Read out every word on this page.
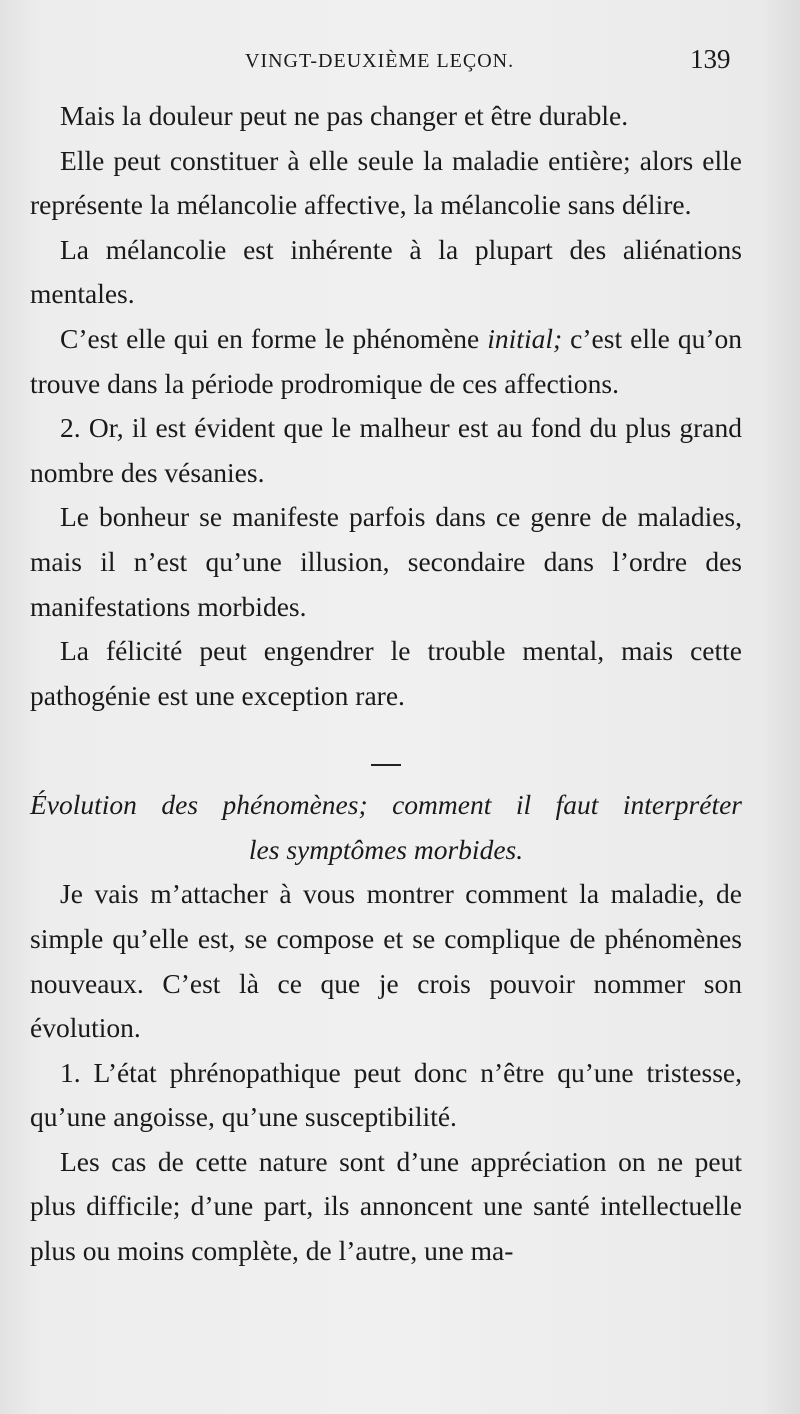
VINGT-DEUXIÈME LEÇON.	139

Mais la douleur peut ne pas changer et être durable.

Elle peut constituer à elle seule la maladie entière; alors elle représente la mélancolie affective, la mélancolie sans délire.

La mélancolie est inhérente à la plupart des aliénations mentales.

C’est elle qui en forme le phénomène initial; c’est elle qu’on trouve dans la période prodromique de ces affections.

2. Or, il est évident que le malheur est au fond du plus grand nombre des vésanies.

Le bonheur se manifeste parfois dans ce genre de maladies, mais il n’est qu’une illusion, secondaire dans l’ordre des manifestations morbides.

La félicité peut engendrer le trouble mental, mais cette pathogénie est une exception rare.

Évolution des phénomènes; comment il faut interpréter
les symptômes morbides.

Je vais m’attacher à vous montrer comment la maladie, de simple qu’elle est, se compose et se complique de phénomènes nouveaux. C’est là ce que je crois pouvoir nommer son évolution.

1. L’état phrénopathique peut donc n’être qu’une tristesse, qu’une angoisse, qu’une susceptibilité.

Les cas de cette nature sont d’une appréciation on ne peut plus difficile; d’une part, ils annoncent une santé intellectuelle plus ou moins complète, de l’autre, une ma-
